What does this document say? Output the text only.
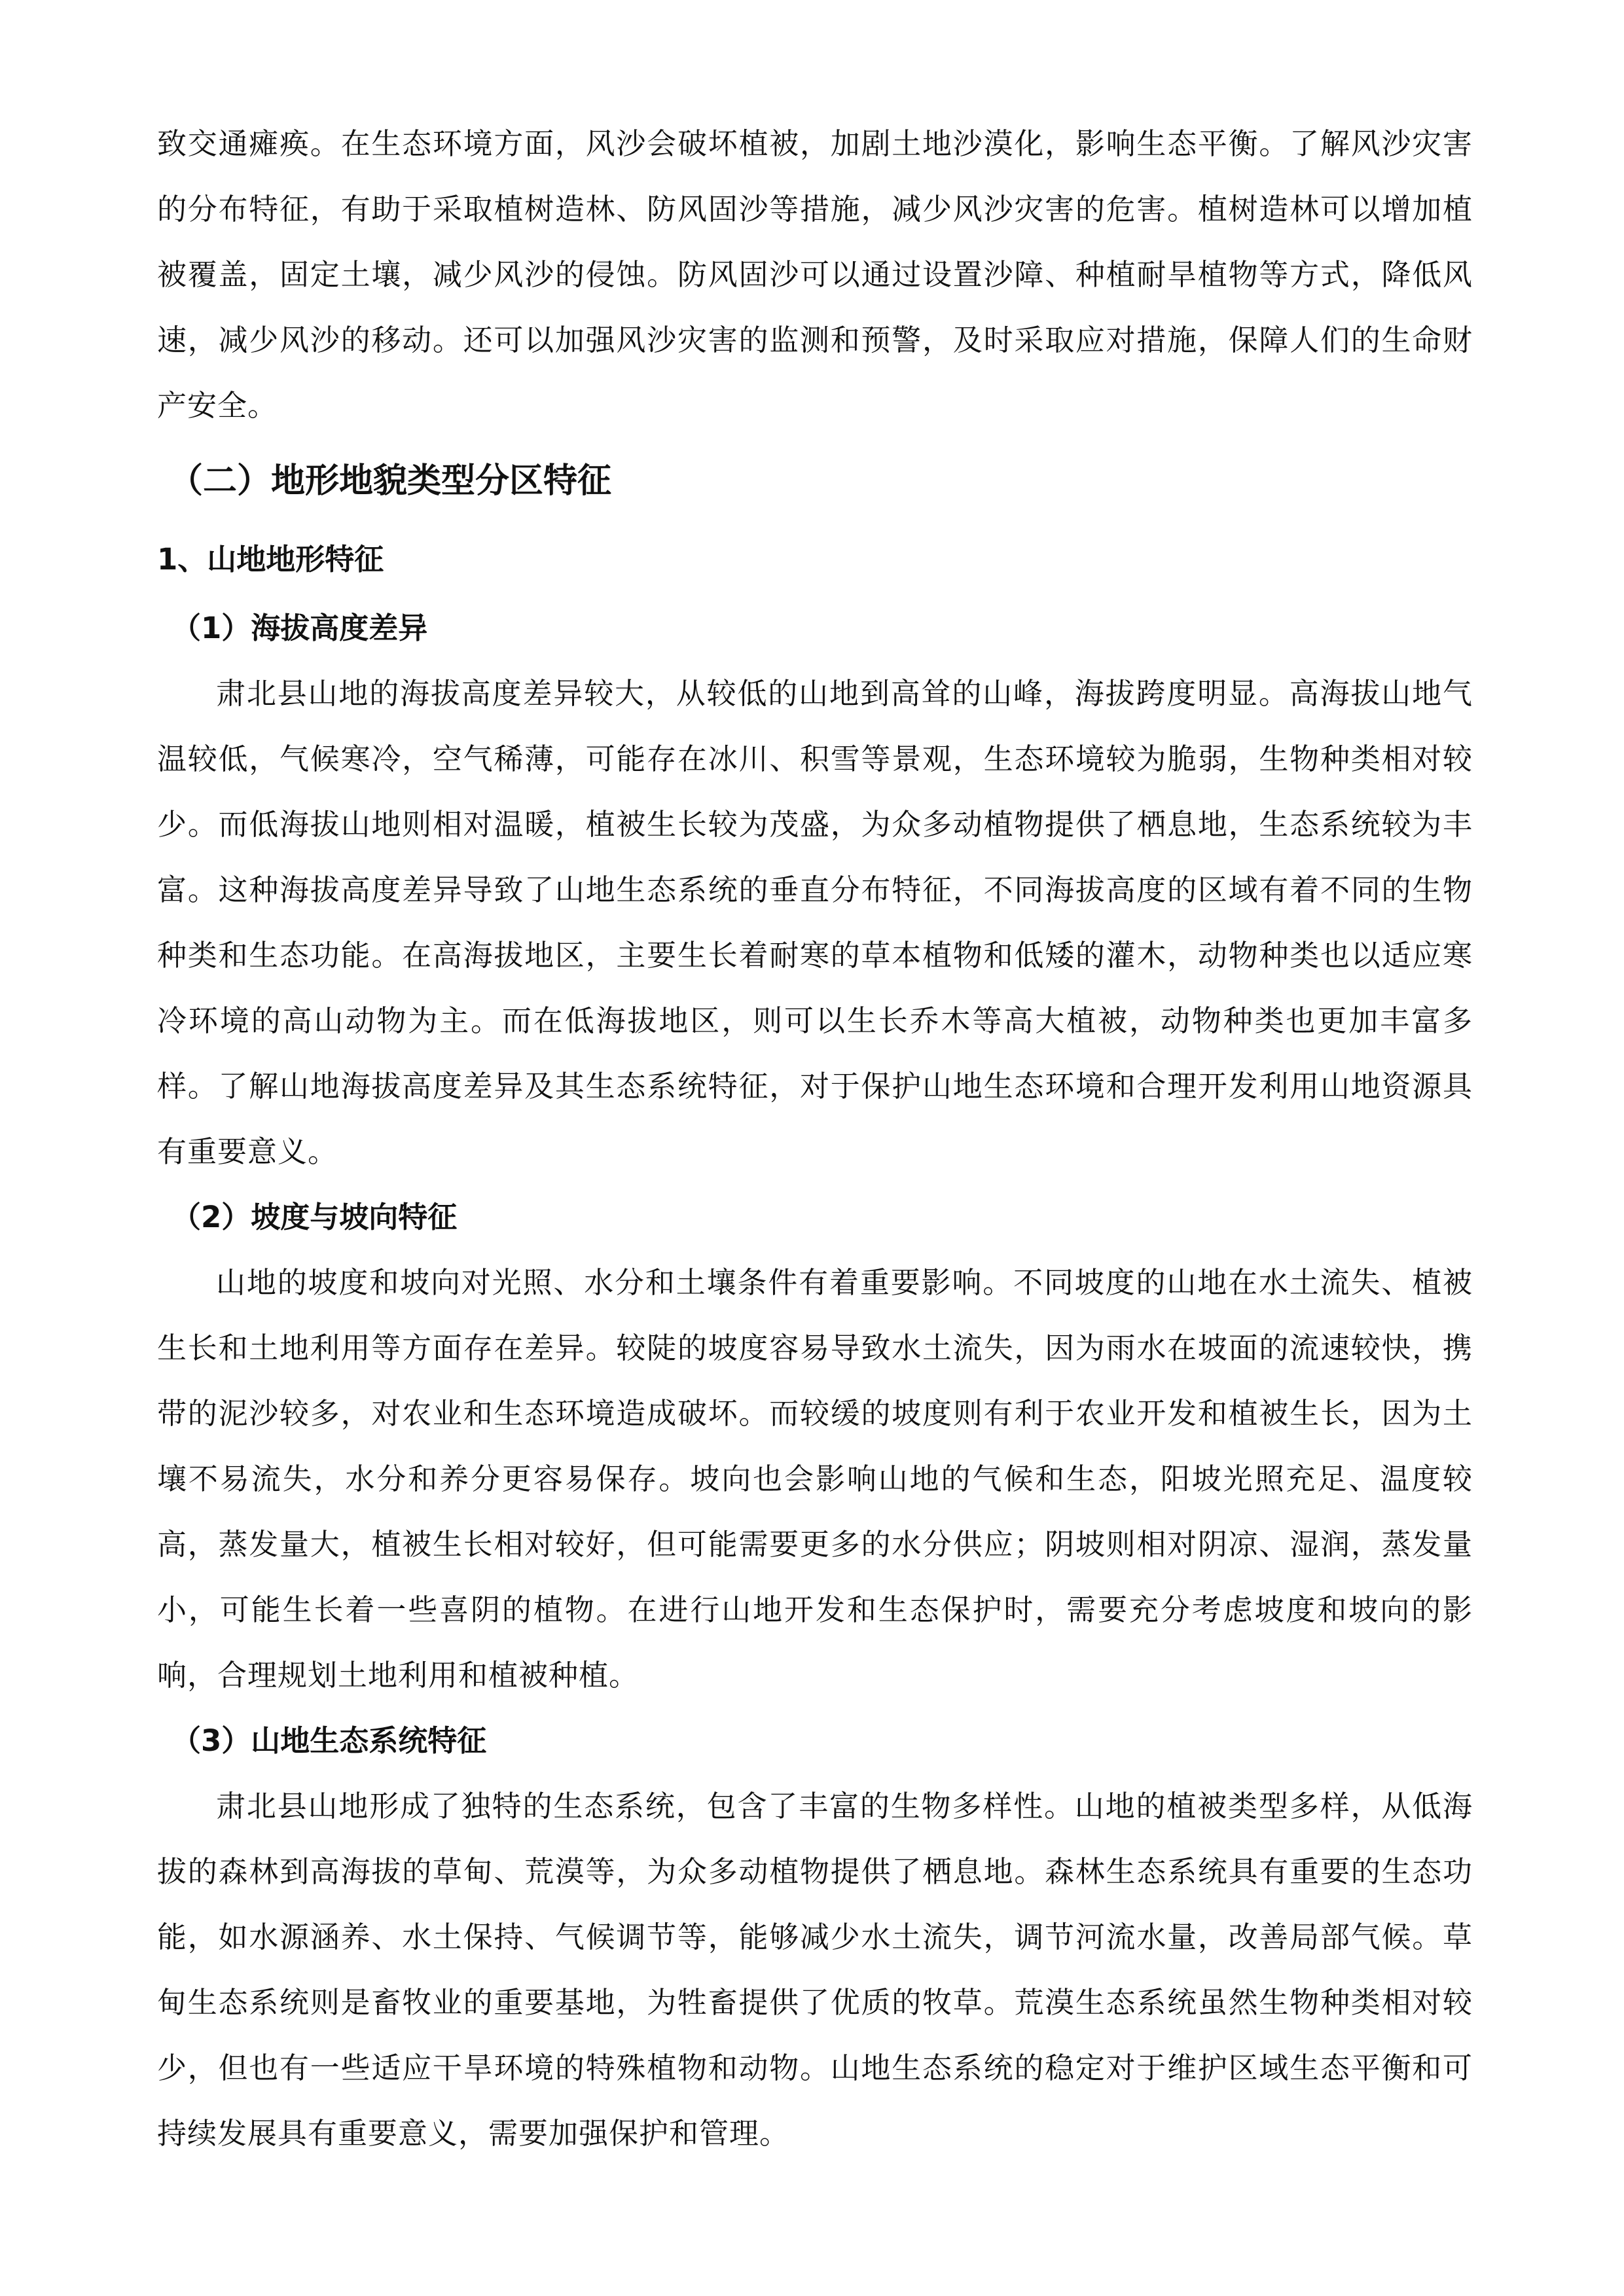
致交通瘫痪。在生态环境方面，风沙会破坏植被，加剧土地沙漠化，影响生态平衡。了解风沙灾害的分布特征，有助于采取植树造林、防风固沙等措施，减少风沙灾害的危害。植树造林可以增加植被覆盖，固定土壤，减少风沙的侵蚀。防风固沙可以通过设置沙障、种植耐旱植物等方式，降低风速，减少风沙的移动。还可以加强风沙灾害的监测和预警，及时采取应对措施，保障人们的生命财产安全。

（二）地形地貌类型分区特征
1、山地地形特征
（1）海拔高度差异

肃北县山地的海拔高度差异较大，从较低的山地到高耸的山峰，海拔跨度明显。高海拔山地气温较低，气候寒冷，空气稀薄，可能存在冰川、积雪等景观，生态环境较为脆弱，生物种类相对较少。而低海拔山地则相对温暖，植被生长较为茂盛，为众多动植物提供了栖息地，生态系统较为丰富。这种海拔高度差异导致了山地生态系统的垂直分布特征，不同海拔高度的区域有着不同的生物种类和生态功能。在高海拔地区，主要生长着耐寒的草本植物和低矮的灌木，动物种类也以适应寒冷环境的高山动物为主。而在低海拔地区，则可以生长乔木等高大植被，动物种类也更加丰富多样。了解山地海拔高度差异及其生态系统特征，对于保护山地生态环境和合理开发利用山地资源具有重要意义。

（2）坡度与坡向特征

山地的坡度和坡向对光照、水分和土壤条件有着重要影响。不同坡度的山地在水土流失、植被生长和土地利用等方面存在差异。较陡的坡度容易导致水土流失，因为雨水在坡面的流速较快，携带的泥沙较多，对农业和生态环境造成破坏。而较缓的坡度则有利于农业开发和植被生长，因为土壤不易流失，水分和养分更容易保存。坡向也会影响山地的气候和生态，阳坡光照充足、温度较高，蒸发量大，植被生长相对较好，但可能需要更多的水分供应；阴坡则相对阴凉、湿润，蒸发量小，可能生长着一些喜阴的植物。在进行山地开发和生态保护时，需要充分考虑坡度和坡向的影响，合理规划土地利用和植被种植。

（3）山地生态系统特征

肃北县山地形成了独特的生态系统，包含了丰富的生物多样性。山地的植被类型多样，从低海拔的森林到高海拔的草甸、荒漠等，为众多动植物提供了栖息地。森林生态系统具有重要的生态功能，如水源涵养、水土保持、气候调节等，能够减少水土流失，调节河流水量，改善局部气候。草甸生态系统则是畜牧业的重要基地，为牲畜提供了优质的牧草。荒漠生态系统虽然生物种类相对较少，但也有一些适应干旱环境的特殊植物和动物。山地生态系统的稳定对于维护区域生态平衡和可持续发展具有重要意义，需要加强保护和管理。
